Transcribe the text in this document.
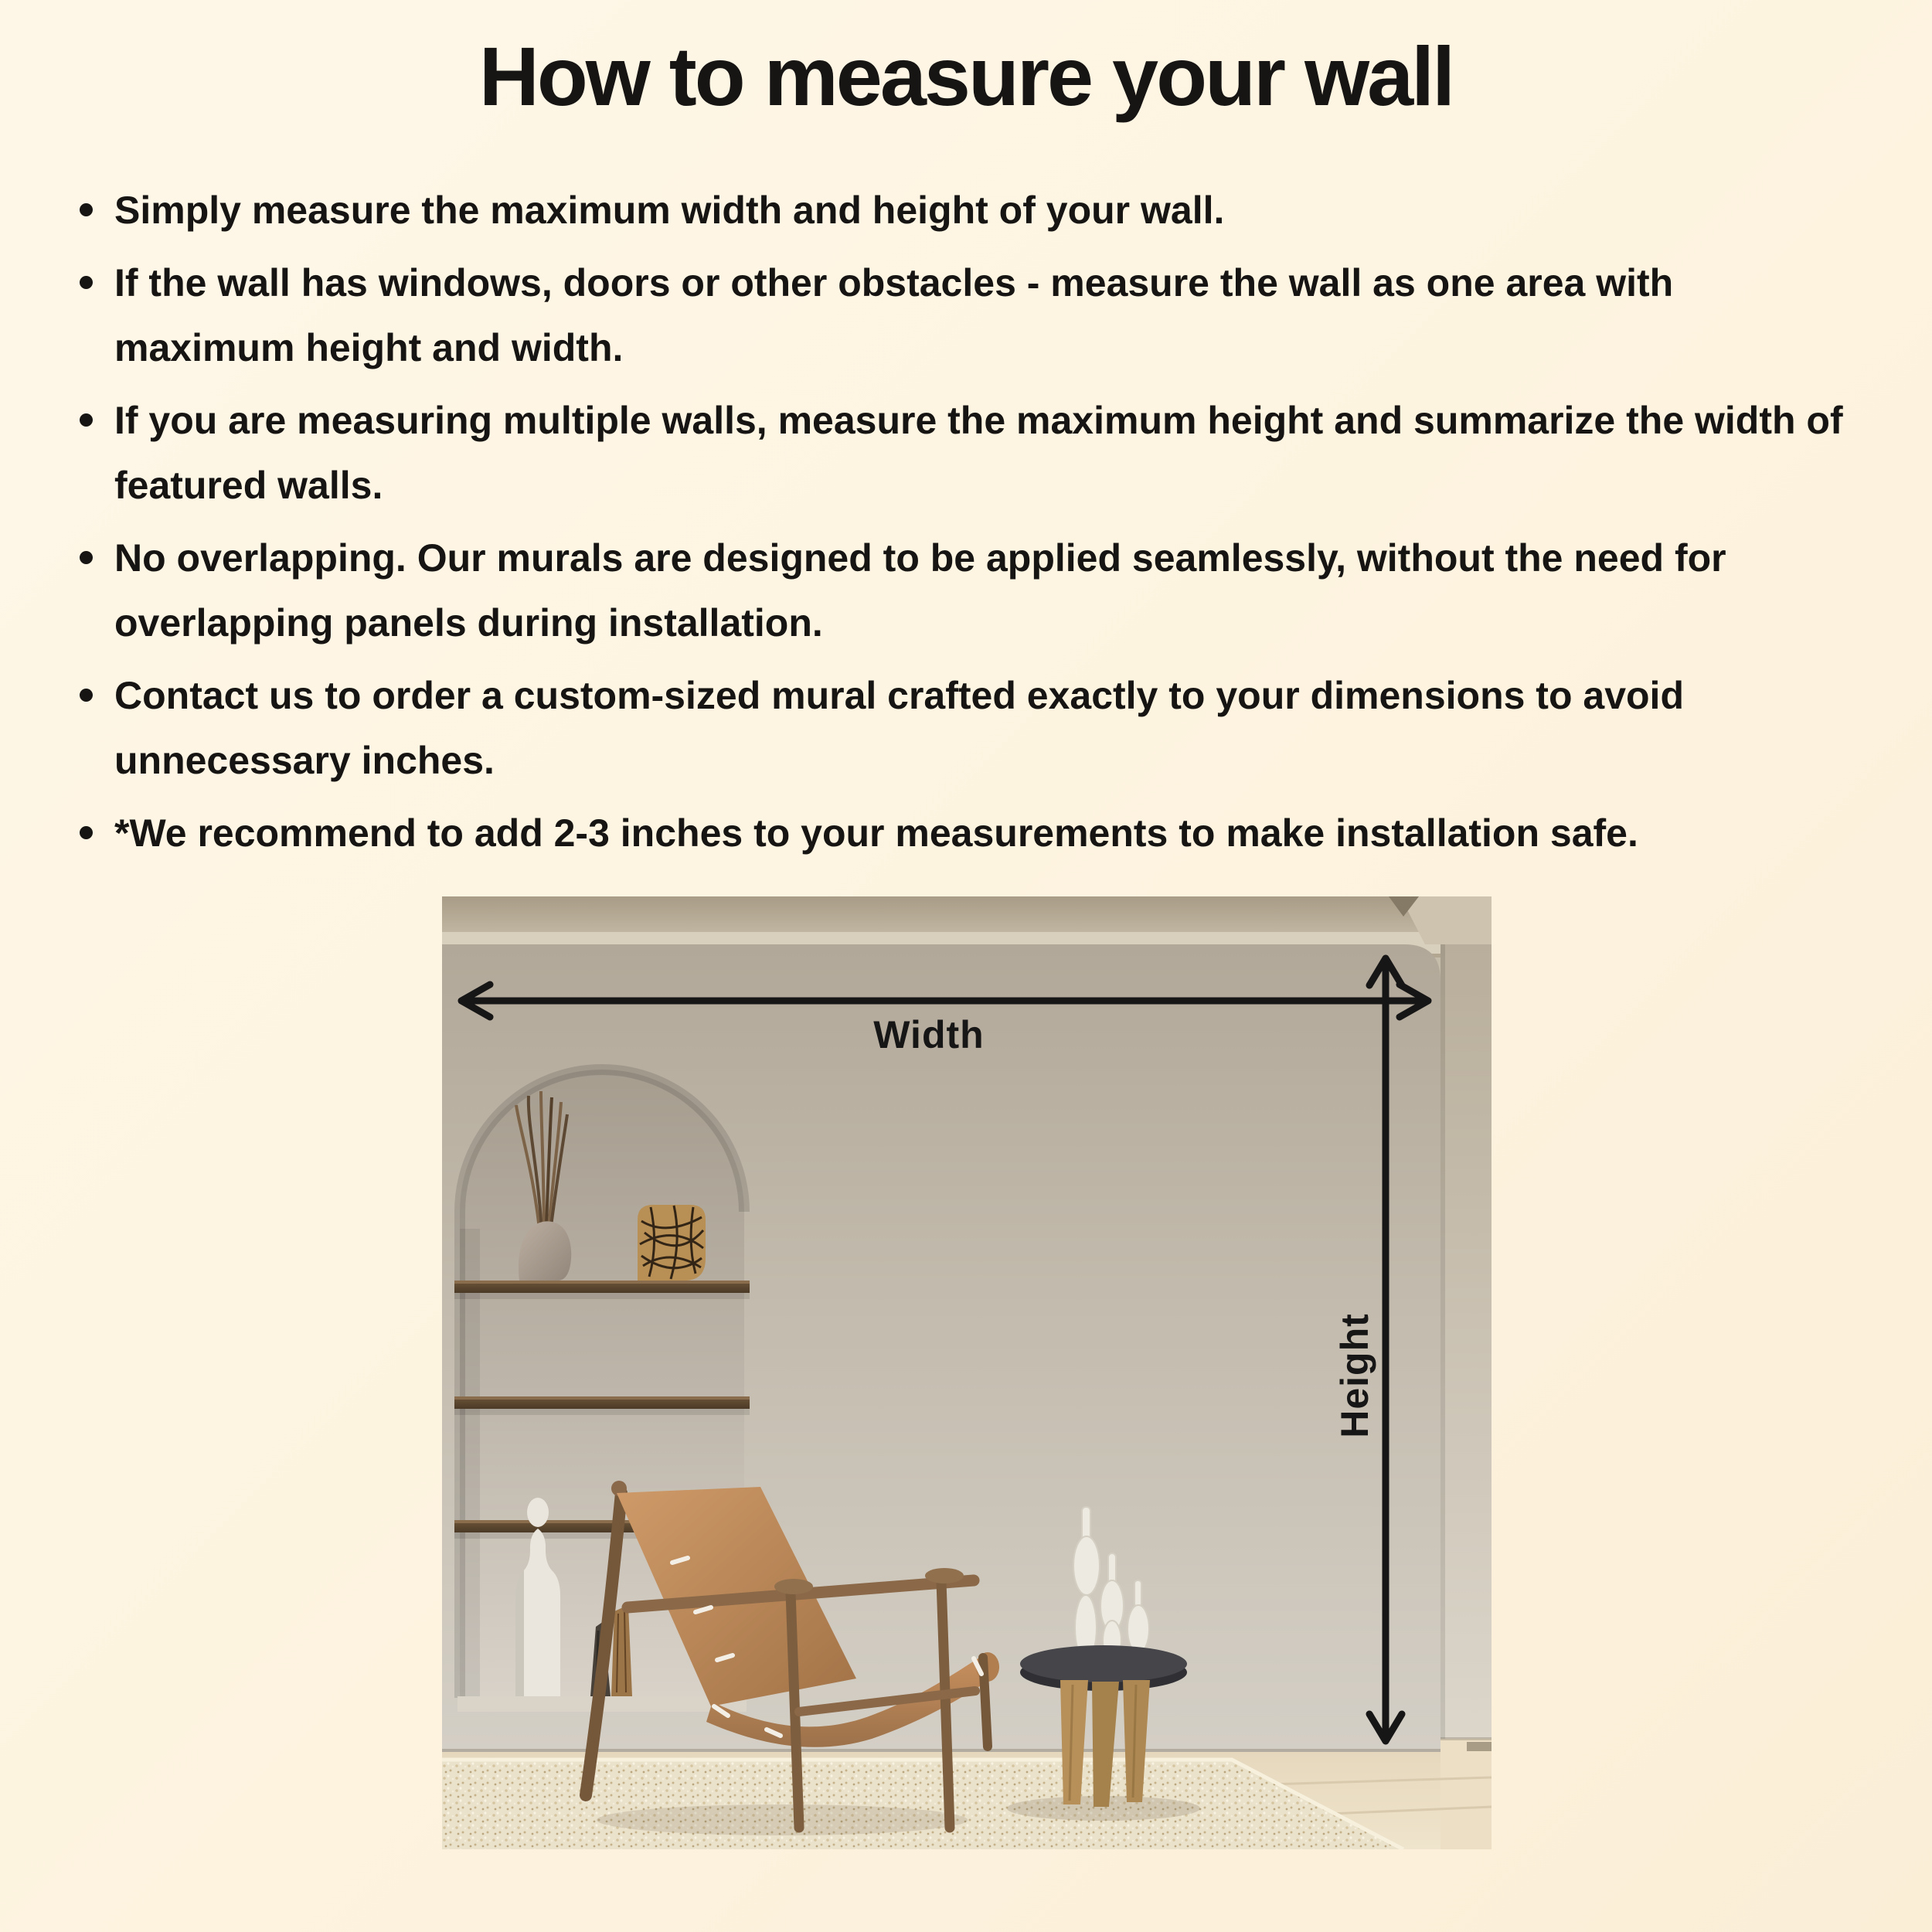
How to measure your wall
Simply measure the maximum width and height of your wall.
If the wall has windows, doors or other obstacles - measure the wall as one area with maximum height and width.
If you are measuring multiple walls, measure the maximum height and summarize the width of featured walls.
No overlapping. Our murals are designed to be applied seamlessly, without the need for overlapping panels during installation.
Contact us to order a custom-sized mural crafted exactly to your dimensions to avoid unnecessary inches.
*We recommend to add 2-3 inches to your measurements to make installation safe.
Width
Height
